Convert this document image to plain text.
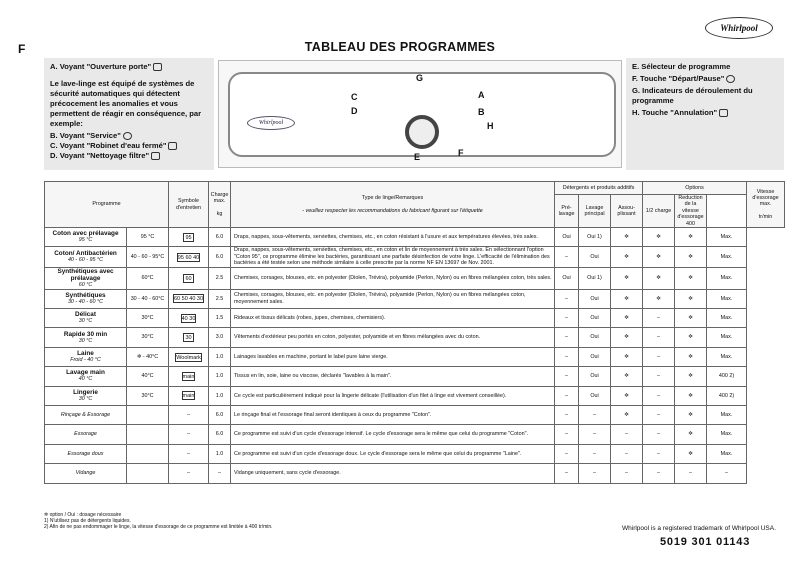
Whirlpool
F	TABLEAU DES PROGRAMMES

A. Voyant "Ouverture porte"

Le lave-linge est équipé de systèmes de sécurité automatiques qui détectent précocement les anomalies et vous permettent de réagir en conséquence, par exemple:

B. Voyant "Service"

C. Voyant "Robinet d'eau fermé"

D. Voyant "Nettoyage filtre"

Whirlpool
G
A
B
C
D
H
E	F

E. Sélecteur de programme

F. Touche "Départ/Pause"

G. Indicateurs de déroulement du programme

H. Touche "Annulation"

Programme		Symbole d'entretien	Charge max.

kg	Type de linge/Remarques

- veuillez respecter les recommandations du fabricant figurant sur l'étiquette	Détergents et produits additifs			Options			Vitesse d'essorage max.

tr/min
					Pré-lavage	Lavage principal	Assou-plissant	1/2 charge	Reduction de la vitesse d'essorage
400		

Coton avec prélavage
95 °C	95 °C	95	6.0	Draps, nappes, sous-vêtements, serviettes, chemises, etc., en coton résistant à l'usure et aux températures élevées, très sales.	Oui	Oui 1)	✲	✲	✲	Max.	

Coton/ Antibactérien
40 - 60 - 95 °C	40 - 60 - 95°C	95 60 40	6.0	Draps, nappes, sous-vêtements, serviettes, chemises, etc., en coton et lin de moyennement à très sales. En sélectionnant l'option "Coton 95", ce programme élimine les bactéries, garantissant une parfaite désinfection de votre linge. L'efficacité de l'élimination des bactéries a été testée selon une méthode similaire à celle prescrite par la norme NF EN 13697 de Nov. 2001.	–	Oui	✲	✲	✲	Max.	

Synthétiques avec prélavage
60 °C	60°C	60	2.5	Chemises, corsages, blouses, etc. en polyester (Diolen, Trévira), polyamide (Perlon, Nylon) ou en fibres mélangées coton, très sales.	Oui	Oui 1)	✲	✲	✲	Max.	

Synthétiques
30 - 40 - 60 °C	30 - 40 - 60°C	60 50 40 30	2.5	Chemises, corsages, blouses, etc. en polyester (Diolen, Trévira), polyamide (Perlon, Nylon) ou en fibres mélangées coton, moyennement sales.	–	Oui	✲	✲	✲	Max.	

Délicat
30 °C	30°C	40 30	1.5	Rideaux et tissus délicats (robes, jupes, chemises, chemisiers).	–	Oui	✲	–	✲	Max.	

Rapide 30 min
30 °C	30°C	30	3.0	Vêtements d'extérieur peu portés en coton, polyester, polyamide et en fibres mélangées avec du coton.	–	Oui	✲	–	✲	Max.	

Laine
Froid - 40 °C	✲ - 40°C	Woolmark	1.0	Lainages lavables en machine, portant le label pure laine vierge.	–	Oui	✲	–	✲	Max.	

Lavage main
40 °C	40°C	main	1.0	Tissus en lin, soie, laine ou viscose, déclarés "lavables à la main".	–	Oui	✲	–	✲	400 2)	

Lingerie
30 °C	30°C	main	1.0	Ce cycle est particulièrement indiqué pour la lingerie délicate (l'utilisation d'un filet à linge est vivement conseillée).	–	Oui	✲	–	✲	400 2)	

Rinçage & Essorage		–	6.0	Le rinçage final et l'essorage final seront identiques à ceux du programme "Coton".	–	–	✲	–	✲	Max.	

Essorage		–	6.0	Ce programme est suivi d'un cycle d'essorage intensif. Le cycle d'essorage sera le même que celui du programme "Coton".	–	–	–	–	✲	Max.	

Essorage doux		–	1.0	Ce programme est suivi d'un cycle d'essorage doux. Le cycle d'essorage sera le même que celui du programme "Laine".	–	–	–	–	✲	Max.	

Vidange		–	–	Vidange uniquement, sans cycle d'essorage.	–	–	–	–	–	–	
✲ option / Oui : dosage nécessaire
1) N'utilisez pas de détergents liquides.
2) Afin de ne pas endommager le linge, la vitesse d'essorage de ce programme est limitée à 400 tr/min.	Whirlpool is a registered trademark of Whirlpool USA.
5019 301 01143
